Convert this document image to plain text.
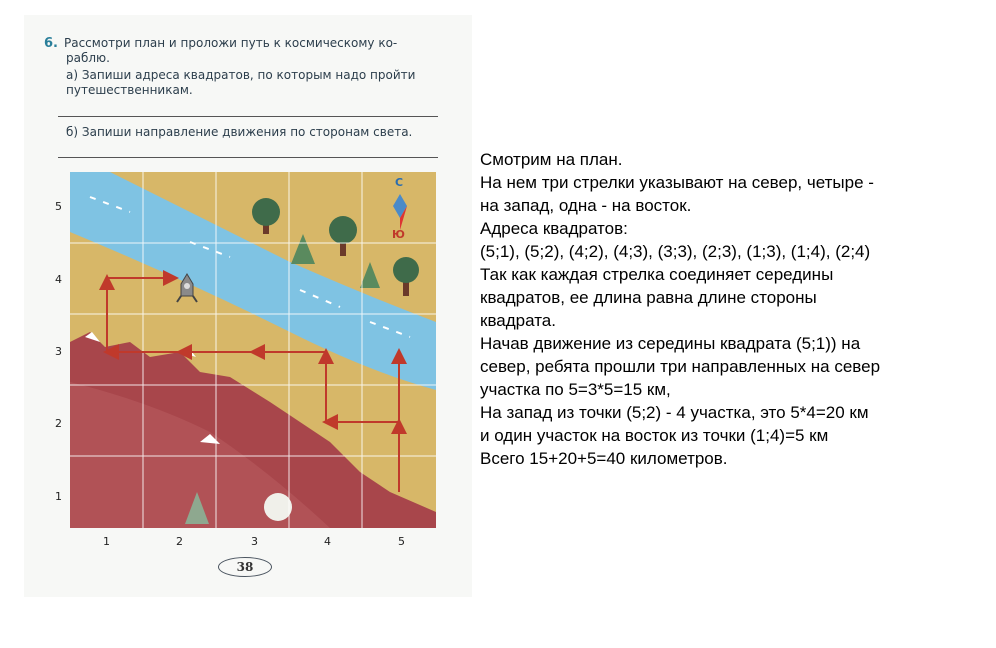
6. Рассмотри план и проложи путь к космическому ко-
раблю.
а) Запиши адреса квадратов, по которым надо пройти
путешественникам.
б) Запиши направление движения по сторонам света.
С
Ю
5
4
3
2
1
1	2	3	4	5
38
Смотрим на план.
На нем три стрелки указывают на север, четыре -
на запад, одна - на восток.
Адреса квадратов:
(5;1), (5;2), (4;2), (4;3), (3;3), (2;3), (1;3), (1;4), (2;4)
Так как каждая стрелка соединяет середины
квадратов, ее длина равна длине стороны
квадрата.
Начав движение из середины квадрата (5;1)) на
север, ребята прошли три направленных на север
участка по 5=3*5=15 км,
На запад из точки (5;2) - 4 участка, это 5*4=20 км
и один участок на восток из точки (1;4)=5 км
Всего 15+20+5=40 километров.
